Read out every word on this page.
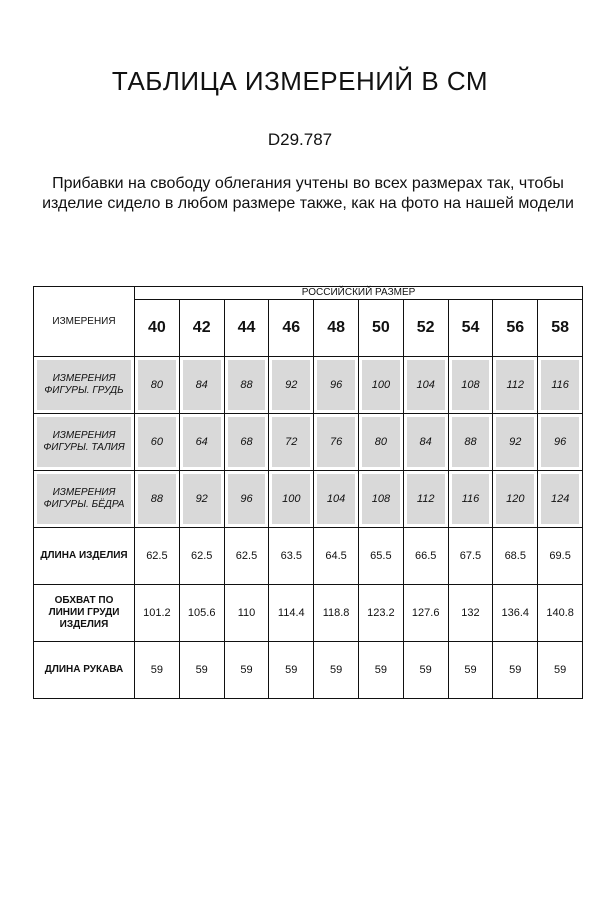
ТАБЛИЦА ИЗМЕРЕНИЙ В СМ
D29.787
Прибавки на свободу облегания учтены во всех размерах так, чтобы изделие сидело в любом размере также, как на фото на нашей модели
ИЗМЕРЕНИЯ	РОССИЙСКИЙ РАЗМЕР									
	40	42	44	46	48	50	52	54	56	58

ИЗМЕРЕНИЯ
ФИГУРЫ. ГРУДЬ	80	84	88	92	96	100	104	108	112	116

ИЗМЕРЕНИЯ
ФИГУРЫ. ТАЛИЯ	60	64	68	72	76	80	84	88	92	96

ИЗМЕРЕНИЯ
ФИГУРЫ. БЁДРА	88	92	96	100	104	108	112	116	120	124

ДЛИНА ИЗДЕЛИЯ	62.5	62.5	62.5	63.5	64.5	65.5	66.5	67.5	68.5	69.5

ОБХВАТ ПО
ЛИНИИ ГРУДИ
ИЗДЕЛИЯ	101.2	105.6	110	114.4	118.8	123.2	127.6	132	136.4	140.8

ДЛИНА РУКАВА	59	59	59	59	59	59	59	59	59	59
